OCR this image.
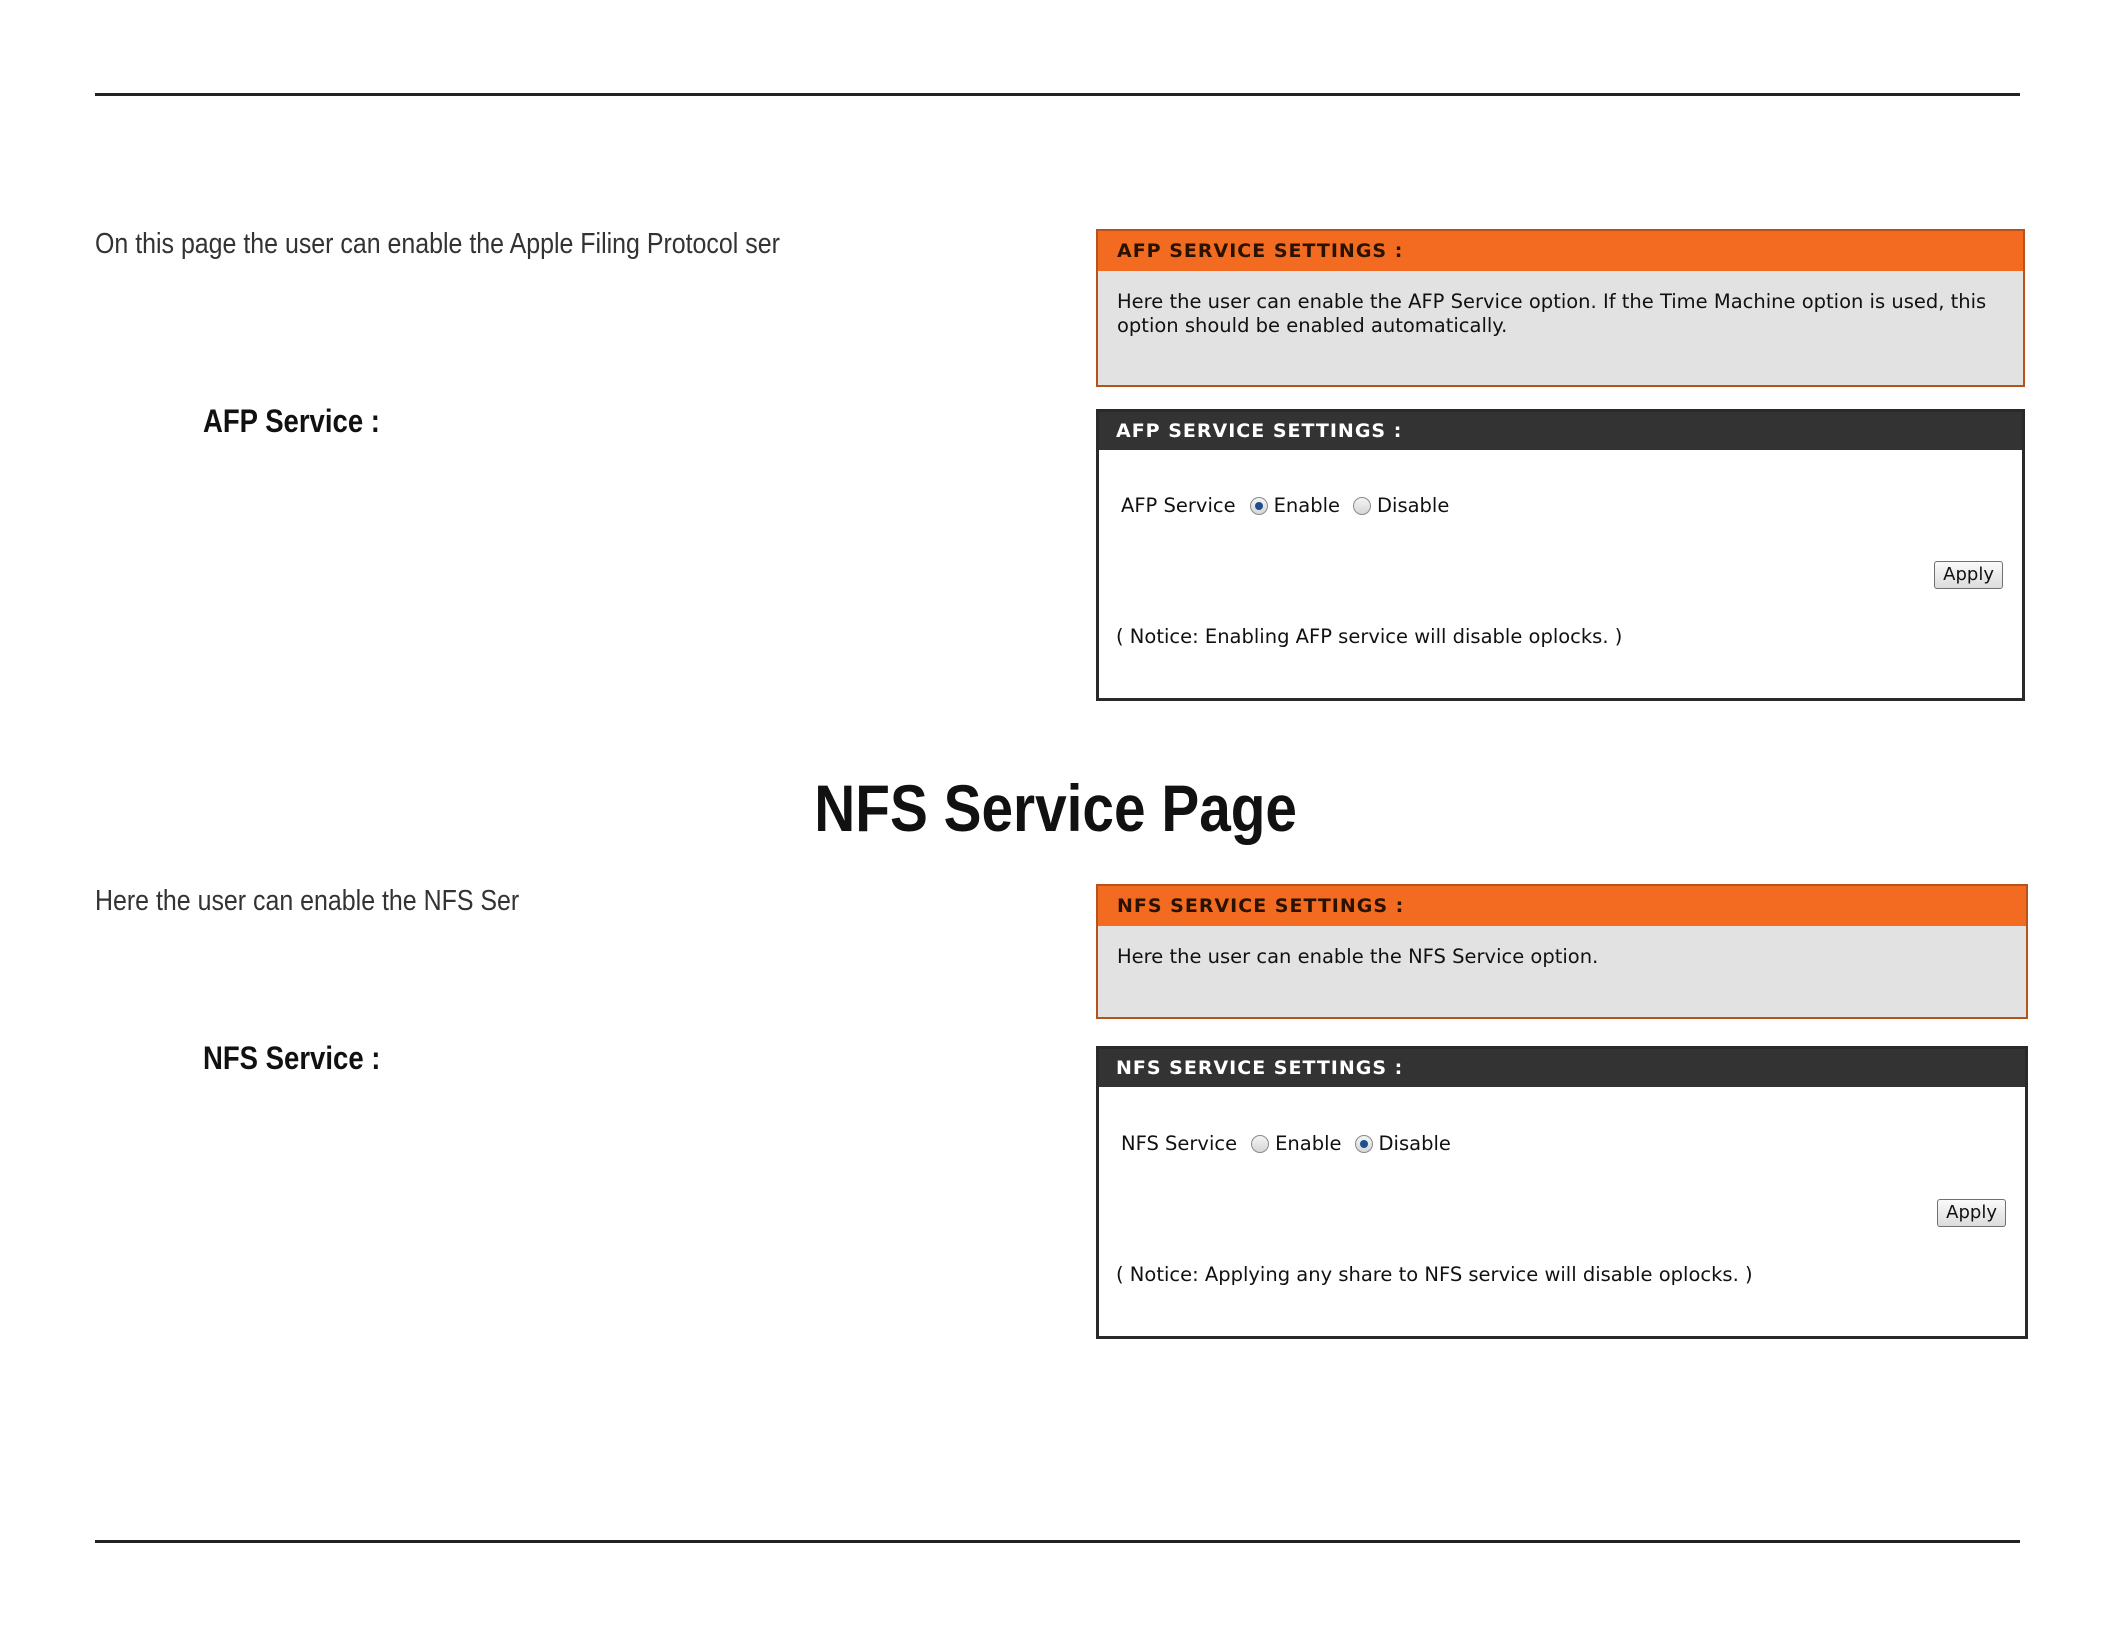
On this page the user can enable the Apple Filing Protocol ser
AFP Service :
AFP SERVICE SETTINGS :
Here the user can enable the AFP Service option. If the Time Machine option is used, this
option should be enabled automatically.
AFP SERVICE SETTINGS :
AFP Service Enable Disable
Apply
( Notice: Enabling AFP service will disable oplocks. )
NFS Service Page
Here the user can enable the NFS Ser
NFS Service :
NFS SERVICE SETTINGS :
Here the user can enable the NFS Service option.
NFS SERVICE SETTINGS :
NFS Service Enable Disable
Apply
( Notice: Applying any share to NFS service will disable oplocks. )
